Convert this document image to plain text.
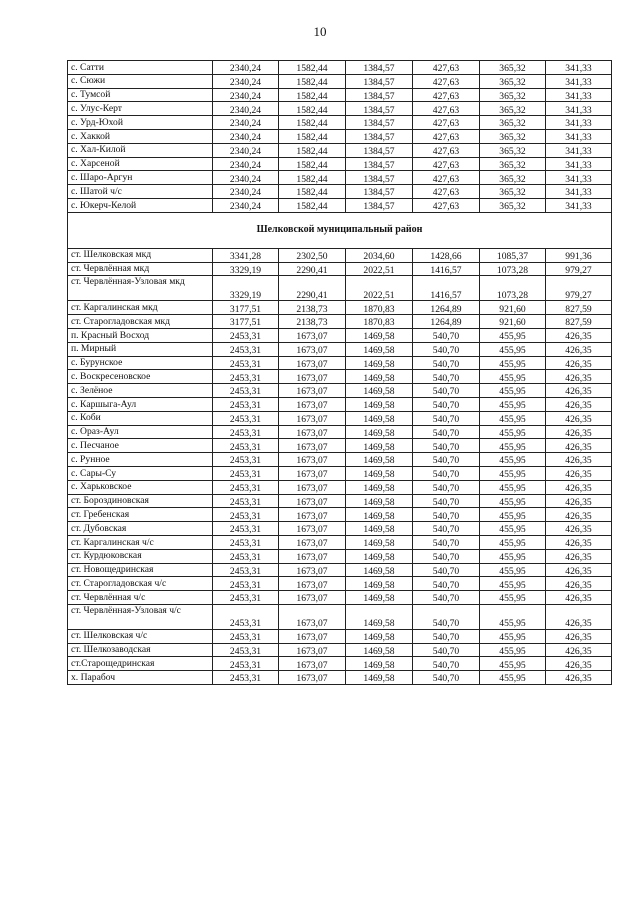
10
с. Сатти	2340,24	1582,44	1384,57	427,63	365,32	341,33
с. Сюжи	2340,24	1582,44	1384,57	427,63	365,32	341,33
с. Тумсой	2340,24	1582,44	1384,57	427,63	365,32	341,33
с. Улус-Керт	2340,24	1582,44	1384,57	427,63	365,32	341,33
с. Урд-Юхой	2340,24	1582,44	1384,57	427,63	365,32	341,33
с. Хаккой	2340,24	1582,44	1384,57	427,63	365,32	341,33
с. Хал-Килой	2340,24	1582,44	1384,57	427,63	365,32	341,33
с. Харсеной	2340,24	1582,44	1384,57	427,63	365,32	341,33
с. Шаро-Аргун	2340,24	1582,44	1384,57	427,63	365,32	341,33
с. Шатой ч/с	2340,24	1582,44	1384,57	427,63	365,32	341,33
с. Юкерч-Келой	2340,24	1582,44	1384,57	427,63	365,32	341,33
Шелковской муниципальный район						
ст. Шелковская мкд	3341,28	2302,50	2034,60	1428,66	1085,37	991,36
ст. Червлённая мкд	3329,19	2290,41	2022,51	1416,57	1073,28	979,27
ст. Червлённая-Узловая мкд	3329,19	2290,41	2022,51	1416,57	1073,28	979,27
ст. Каргалинская мкд	3177,51	2138,73	1870,83	1264,89	921,60	827,59
ст. Старогладовская мкд	3177,51	2138,73	1870,83	1264,89	921,60	827,59
п. Красный Восход	2453,31	1673,07	1469,58	540,70	455,95	426,35
п. Мирный	2453,31	1673,07	1469,58	540,70	455,95	426,35
с. Бурунское	2453,31	1673,07	1469,58	540,70	455,95	426,35
с. Воскресеновское	2453,31	1673,07	1469,58	540,70	455,95	426,35
с. Зелёное	2453,31	1673,07	1469,58	540,70	455,95	426,35
с. Каршыга-Аул	2453,31	1673,07	1469,58	540,70	455,95	426,35
с. Коби	2453,31	1673,07	1469,58	540,70	455,95	426,35
с. Ораз-Аул	2453,31	1673,07	1469,58	540,70	455,95	426,35
с. Песчаное	2453,31	1673,07	1469,58	540,70	455,95	426,35
с. Рунное	2453,31	1673,07	1469,58	540,70	455,95	426,35
с. Сары-Су	2453,31	1673,07	1469,58	540,70	455,95	426,35
с. Харьковское	2453,31	1673,07	1469,58	540,70	455,95	426,35
ст. Бороздиновская	2453,31	1673,07	1469,58	540,70	455,95	426,35
ст. Гребенская	2453,31	1673,07	1469,58	540,70	455,95	426,35
ст. Дубовская	2453,31	1673,07	1469,58	540,70	455,95	426,35
ст. Каргалинская ч/с	2453,31	1673,07	1469,58	540,70	455,95	426,35
ст. Курдюковская	2453,31	1673,07	1469,58	540,70	455,95	426,35
ст. Новощедринская	2453,31	1673,07	1469,58	540,70	455,95	426,35
ст. Старогладовская ч/с	2453,31	1673,07	1469,58	540,70	455,95	426,35
ст. Червлённая ч/с	2453,31	1673,07	1469,58	540,70	455,95	426,35
ст. Червлённая-Узловая ч/с	2453,31	1673,07	1469,58	540,70	455,95	426,35
ст. Шелковская ч/с	2453,31	1673,07	1469,58	540,70	455,95	426,35
ст. Шелкозаводская	2453,31	1673,07	1469,58	540,70	455,95	426,35
ст.Старощедринская	2453,31	1673,07	1469,58	540,70	455,95	426,35
х. Парабоч	2453,31	1673,07	1469,58	540,70	455,95	426,35
